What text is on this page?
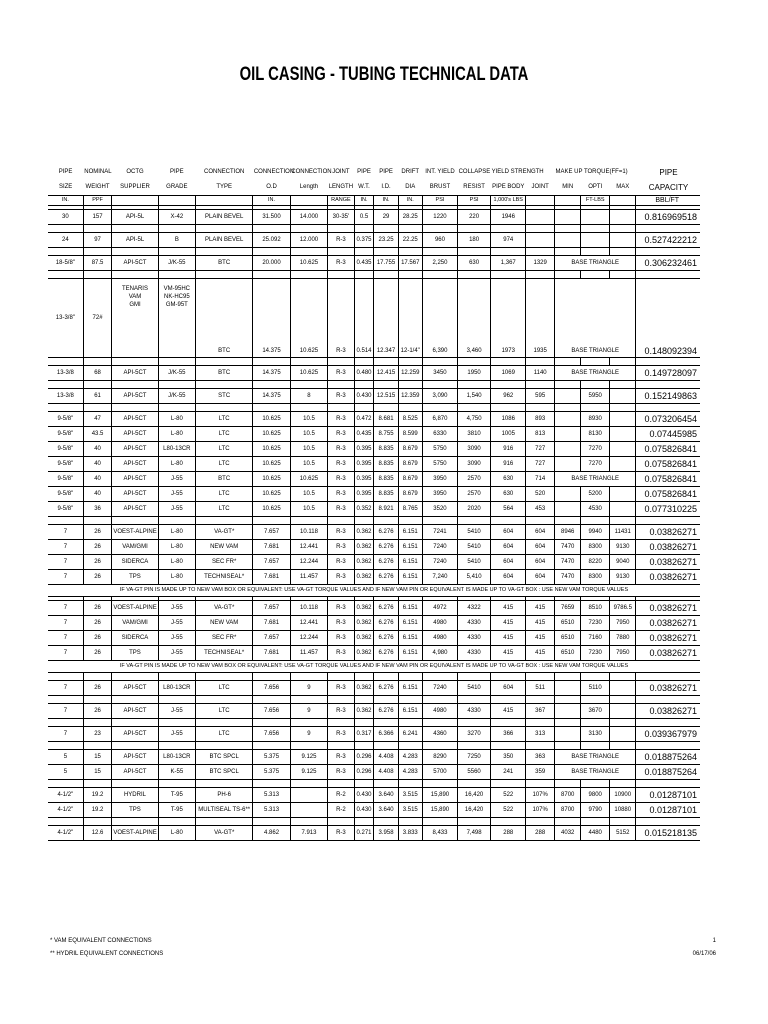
OIL CASING - TUBING TECHNICAL DATA
PIPE	NOMINAL	OCTG	PIPE	CONNECTION	CONNECTION	CONNECTION	JOINT	PIPE	PIPE	DRIFT	INT. YIELD	COLLAPSE	YIELD STRENGTH		MAKE UP TORQUE(FF=1)			PIPE
SIZE	WEIGHT	SUPPLIER	GRADE	TYPE	O.D	Length	LENGTH	W.T.	I.D.	DIA	BRUST	RESIST	PIPE BODY	JOINT	MIN	OPTI	MAX	CAPACITY
IN.	PPF				IN.		RANGE	IN.	IN.	IN.	PSI	PSI	1,000's LBS			FT-LBS		BBL/FT

30	157	API-5L	X-42	PLAIN BEVEL	31.500	14.000	30-35'	0.5	29	28.25	1220	220	1946					0.816969518

24	97	API-5L	B	PLAIN BEVEL	25.092	12.000	R-3	0.375	23.25	22.25	960	180	974					0.527422212

18-5/8"	87.5	API-5CT	J/K-55	BTC	20.000	10.625	R-3	0.435	17.755	17.567	2,250	630	1,367	1329	BASE TRIANGLE			0.306232461

13-3/8"	72#	TENARIS
VAM
GMI	VM-95HC
NK-HC95
GM-95T	BTC	14.375	10.625	R-3	0.514	12.347	12-1/4"	6,390	3,460	1973	1935	BASE TRIANGLE			0.148092394

13-3/8	68	API-5CT	J/K-55	BTC	14.375	10.625	R-3	0.480	12.415	12.259	3450	1950	1069	1140	BASE TRIANGLE			0.149728097

13-3/8	61	API-5CT	J/K-55	STC	14.375	8	R-3	0.430	12.515	12.359	3,090	1,540	962	595		5950		0.152149863

9-5/8"	47	API-5CT	L-80	LTC	10.625	10.5	R-3	0.472	8.681	8.525	6,870	4,750	1086	893		8930		0.073206454
9-5/8"	43.5	API-5CT	L-80	LTC	10.625	10.5	R-3	0.435	8.755	8.599	6330	3810	1005	813		8130		0.07445985
9-5/8"	40	API-5CT	L80-13CR	LTC	10.625	10.5	R-3	0.395	8.835	8.679	5750	3090	916	727		7270		0.075826841
9-5/8"	40	API-5CT	L-80	LTC	10.625	10.5	R-3	0.395	8.835	8.679	5750	3090	916	727		7270		0.075826841
9-5/8"	40	API-5CT	J-55	BTC	10.625	10.625	R-3	0.395	8.835	8.679	3950	2570	630	714	BASE TRIANGLE			0.075826841
9-5/8"	40	API-5CT	J-55	LTC	10.625	10.5	R-3	0.395	8.835	8.679	3950	2570	630	520		5200		0.075826841
9-5/8"	36	API-5CT	J-55	LTC	10.625	10.5	R-3	0.352	8.921	8.765	3520	2020	564	453		4530		0.077310225

7	26	VOEST-ALPINE	L-80	VA-GT*	7.657	10.118	R-3	0.362	6.276	6.151	7241	5410	604	604	8946	9940	11431	0.03826271
7	26	VAM/GMI	L-80	NEW VAM	7.681	12.441	R-3	0.362	6.276	6.151	7240	5410	604	604	7470	8300	9130	0.03826271
7	26	SIDERCA	L-80	SEC FR*	7.657	12.244	R-3	0.362	6.276	6.151	7240	5410	604	604	7470	8220	9040	0.03826271
7	26	TPS	L-80	TECHNISEAL*	7.681	11.457	R-3	0.362	6.276	6.151	7,240	5,410	604	604	7470	8300	9130	0.03826271
IF VA-GT PIN IS MADE UP TO NEW VAM BOX OR EQUIVALENT: USE VA-GT TORQUE VALUES AND IF NEW VAM PIN OR EQUIVALENT IS MADE UP TO VA-GT BOX : USE NEW VAM TORQUE VALUES																		

7	26	VOEST-ALPINE	J-55	VA-GT*	7.657	10.118	R-3	0.362	6.276	6.151	4972	4322	415	415	7659	8510	9786.5	0.03826271
7	26	VAM/GMI	J-55	NEW VAM	7.681	12.441	R-3	0.362	6.276	6.151	4980	4330	415	415	6510	7230	7950	0.03826271
7	26	SIDERCA	J-55	SEC FR*	7.657	12.244	R-3	0.362	6.276	6.151	4980	4330	415	415	6510	7160	7880	0.03826271
7	26	TPS	J-55	TECHNISEAL*	7.681	11.457	R-3	0.362	6.276	6.151	4,980	4330	415	415	6510	7230	7950	0.03826271
IF VA-GT PIN IS MADE UP TO NEW VAM BOX OR EQUIVALENT: USE VA-GT TORQUE VALUES AND IF NEW VAM PIN OR EQUIVALENT IS MADE UP TO VA-GT BOX : USE NEW VAM TORQUE VALUES																		

7	26	API-5CT	L80-13CR	LTC	7.656	9	R-3	0.362	6.276	6.151	7240	5410	604	511		5110		0.03826271

7	26	API-5CT	J-55	LTC	7.656	9	R-3	0.362	6.276	6.151	4980	4330	415	367		3670		0.03826271

7	23	API-5CT	J-55	LTC	7.656	9	R-3	0.317	6.366	6.241	4360	3270	366	313		3130		0.039367979

5	15	API-5CT	L80-13CR	BTC SPCL	5.375	9.125	R-3	0.296	4.408	4.283	8290	7250	350	363	BASE TRIANGLE			0.018875264
5	15	API-5CT	K-55	BTC SPCL	5.375	9.125	R-3	0.296	4.408	4.283	5700	5560	241	359	BASE TRIANGLE			0.018875264

4-1/2"	19.2	HYDRIL	T-95	PH-6	5.313		R-2	0.430	3.640	3.515	15,890	16,420	522	107%	8700	9800	10900	0.01287101
4-1/2"	19.2	TPS	T-95	MULTISEAL TS-6**	5.313		R-2	0.430	3.640	3.515	15,890	16,420	522	107%	8700	9790	10880	0.01287101

4-1/2"	12.6	VOEST-ALPINE	L-80	VA-GT*	4.862	7.913	R-3	0.271	3.958	3.833	8,433	7,498	288	288	4032	4480	5152	0.015218135
* VAM EQUIVALENT CONNECTIONS
** HYDRIL EQUIVALENT CONNECTIONS
1
06/17/06
